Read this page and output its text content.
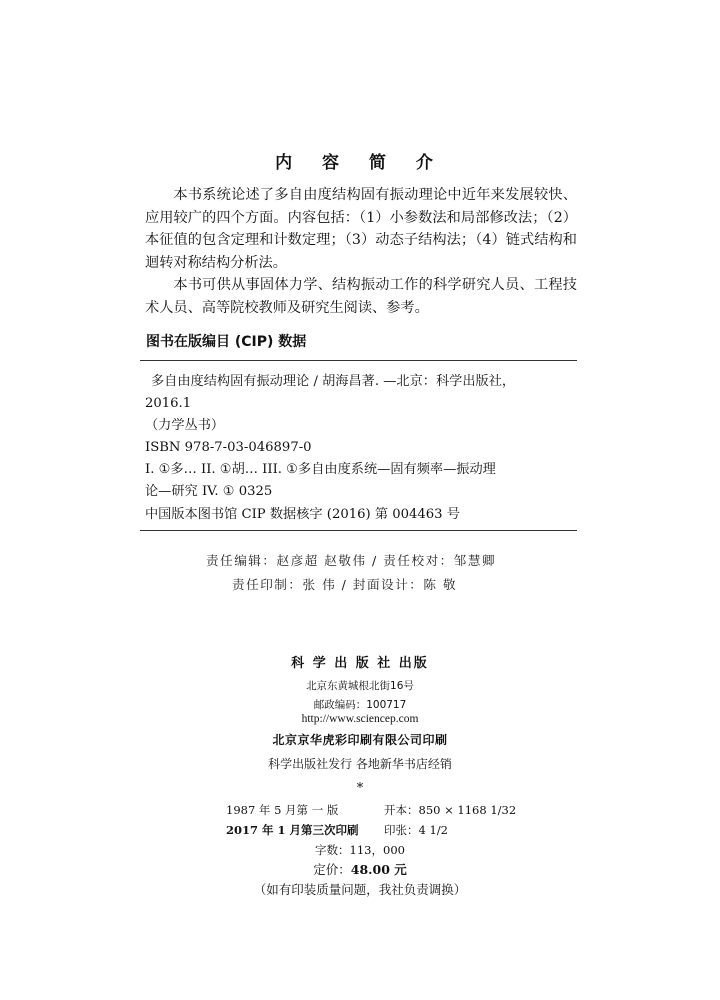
内 容 简 介

本书系统论述了多自由度结构固有振动理论中近年来发展较快、应用较广的四个方面。内容包括：（1）小参数法和局部修改法；（2）本征值的包含定理和计数定理；（3）动态子结构法；（4）链式结构和迴转对称结构分析法。

本书可供从事固体力学、结构振动工作的科学研究人员、工程技术人员、高等院校教师及研究生阅读、参考。

图书在版编目 (CIP) 数据
多自由度结构固有振动理论 / 胡海昌著. —北京：科学出版社，
2016.1
（力学丛书）
ISBN 978-7-03-046897-0
I. ①多… II. ①胡… III. ①多自由度系统—固有频率—振动理
论—研究 IV. ① 0325
中国版本图书馆 CIP 数据核字 (2016) 第 004463 号
责任编辑：赵彦超 赵敬伟 / 责任校对：邹慧卿
责任印制：张 伟 / 封面设计：陈 敬
科 学 出 版 社 出版
北京东黄城根北街16号
邮政编码：100717
http://www.sciencep.com
北京京华虎彩印刷有限公司印刷
科学出版社发行 各地新华书店经销
*
1987 年 5 月第 一 版	开本：850 × 1168 1/32
2017 年 1 月第三次印刷 印张：4 1/2
字数：113，000
定价：48.00 元
（如有印装质量问题，我社负责调换）
